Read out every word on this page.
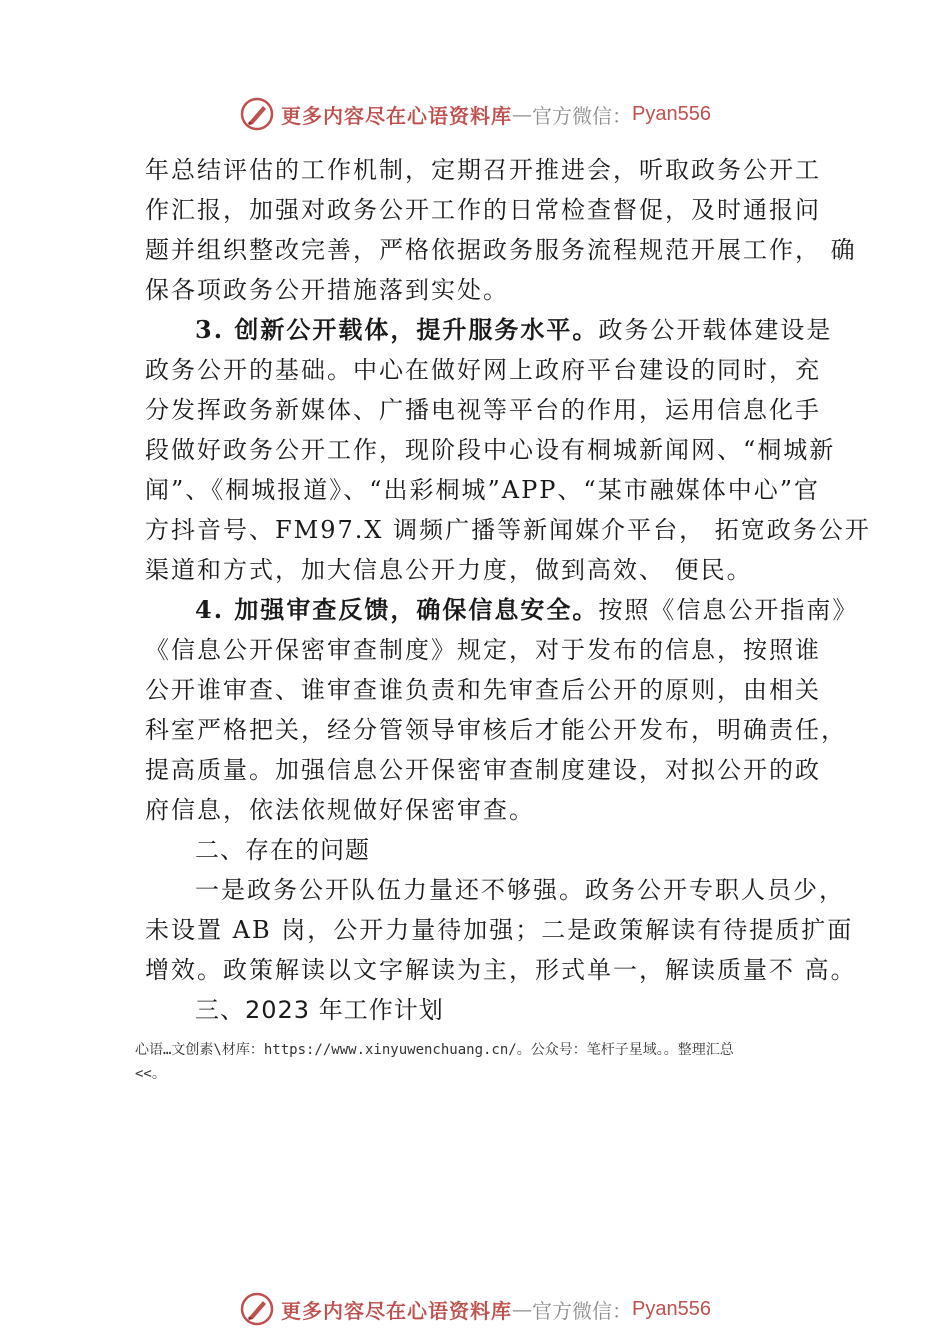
更多内容尽在心语资料库 — 官方微信： Pyan556
年总结评估的工作机制，定期召开推进会，听取政务公开工
作汇报，加强对政务公开工作的日常检查督促，及时通报问
题并组织整改完善，严格依据政务服务流程规范开展工作， 确
保各项政务公开措施落到实处。
3. 创新公开载体，提升服务水平。政务公开载体建设是
政务公开的基础。中心在做好网上政府平台建设的同时，充
分发挥政务新媒体、广播电视等平台的作用，运用信息化手
段做好政务公开工作，现阶段中心设有桐城新闻网、“桐城新
闻”、《桐城报道》、“出彩桐城”APP、“某市融媒体中心”官
方抖音号、FM97.X 调频广播等新闻媒介平台， 拓宽政务公开
渠道和方式，加大信息公开力度，做到高效、 便民。
4. 加强审查反馈，确保信息安全。按照《信息公开指南》
《信息公开保密审查制度》规定，对于发布的信息，按照谁
公开谁审查、谁审查谁负责和先审查后公开的原则，由相关
科室严格把关，经分管领导审核后才能公开发布，明确责任，
提高质量。加强信息公开保密审查制度建设，对拟公开的政
府信息，依法依规做好保密审查。
二、存在的问题
一是政务公开队伍力量还不够强。政务公开专职人员少，
未设置 AB 岗，公开力量待加强；二是政策解读有待提质扩面
增效。政策解读以文字解读为主，形式单一，解读质量不 高。
三、2023 年工作计划
心语…文创素\材库：https://www.xinyuwenchuang.cn/。公众号：笔杆子星域。。整理汇总
<<。
更多内容尽在心语资料库 — 官方微信： Pyan556
